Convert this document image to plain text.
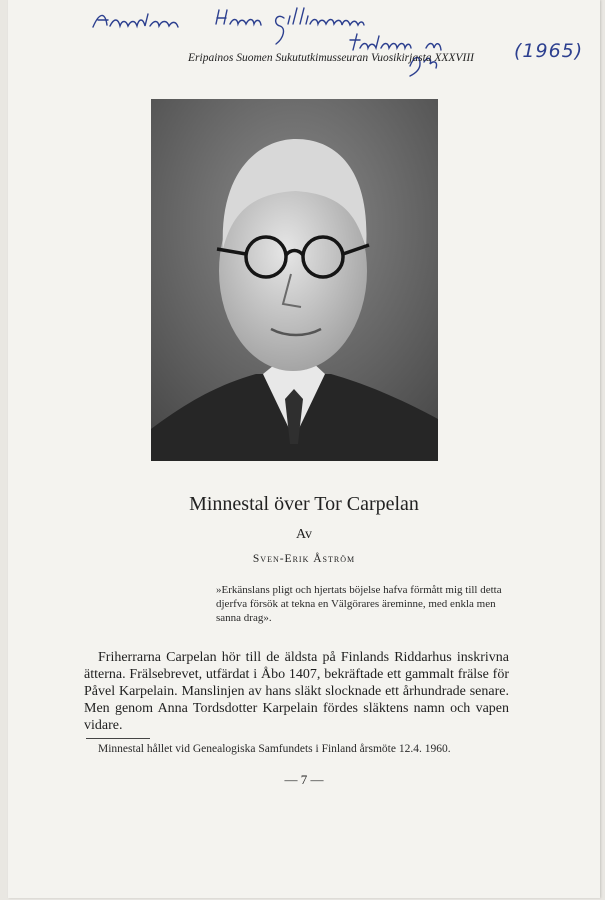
(1965)
Eripainos Suomen Sukututkimusseuran Vuosikirjasta XXXVIII
Minnestal över Tor Carpelan
Av
Sven-Erik Åström
»Erkänslans pligt och hjertats böjelse hafva förmått mig till detta djerfva försök at tekna en Välgörares äreminne, med enkla men sanna drag».

Friherrarna Carpelan hör till de äldsta på Finlands Riddarhus inskrivna ätterna. Frälsebrevet, utfärdat i Åbo 1407, bekräftade ett gammalt frälse för Påvel Karpelain. Manslinjen av hans släkt slocknade ett århundrade senare. Men genom Anna Tordsdotter Karpelain fördes släktens namn och vapen vidare.

Minnestal hållet vid Genealogiska Samfundets i Finland årsmöte 12.4. 1960.
— 7 —
